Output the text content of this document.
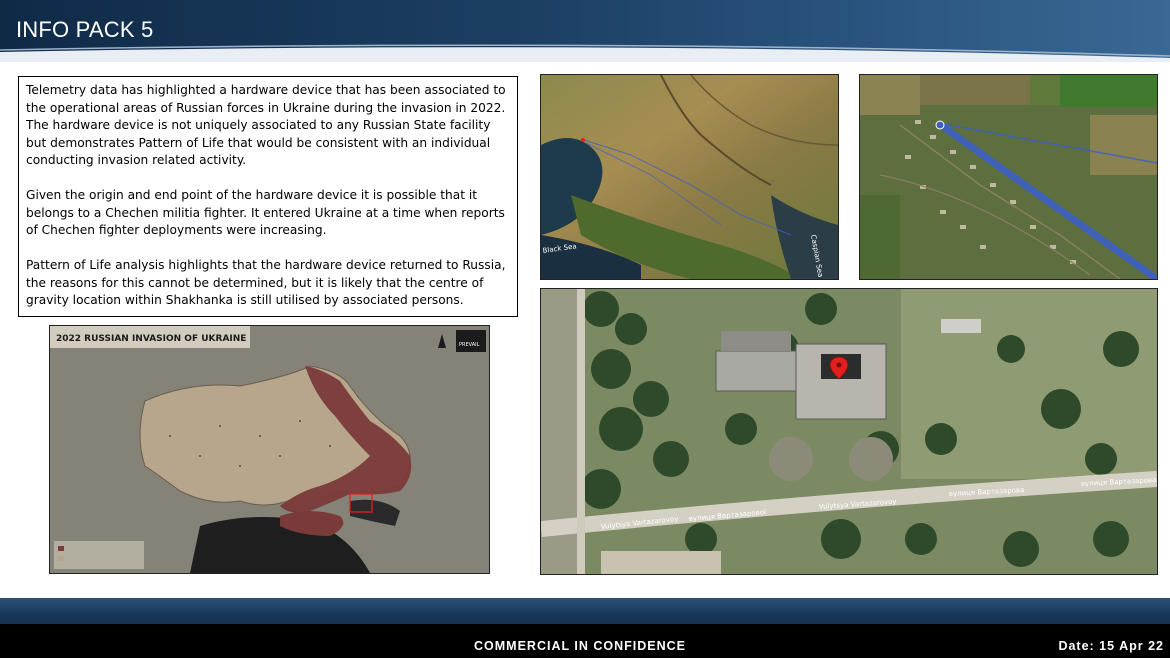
INFO PACK 5

Telemetry data has highlighted a hardware device that has been associated to the operational areas of Russian forces in Ukraine during the invasion in 2022. The hardware device is not uniquely associated to any Russian State facility but demonstrates Pattern of Life that would be consistent with an individual conducting invasion related activity.

Given the origin and end point of the hardware device it is possible that it belongs to a Chechen militia fighter. It entered Ukraine at a time when reports of Chechen fighter deployments were increasing.

Pattern of Life analysis highlights that the hardware device returned to Russia, the reasons for this cannot be determined, but it is likely that the centre of gravity location within Shakhanka is still utilised by associated persons.

Black Sea	Caspian Sea
Vulytsya Vartazarovoy вулиця Вартазарової
Vulytsya Vartazarovoy
вулиця Вартазарова
вулиця Вартазарова
2022 RUSSIAN INVASION OF UKRAINE
PREVAIL
COMMERCIAL IN CONFIDENCE	Date: 15 Apr 22
